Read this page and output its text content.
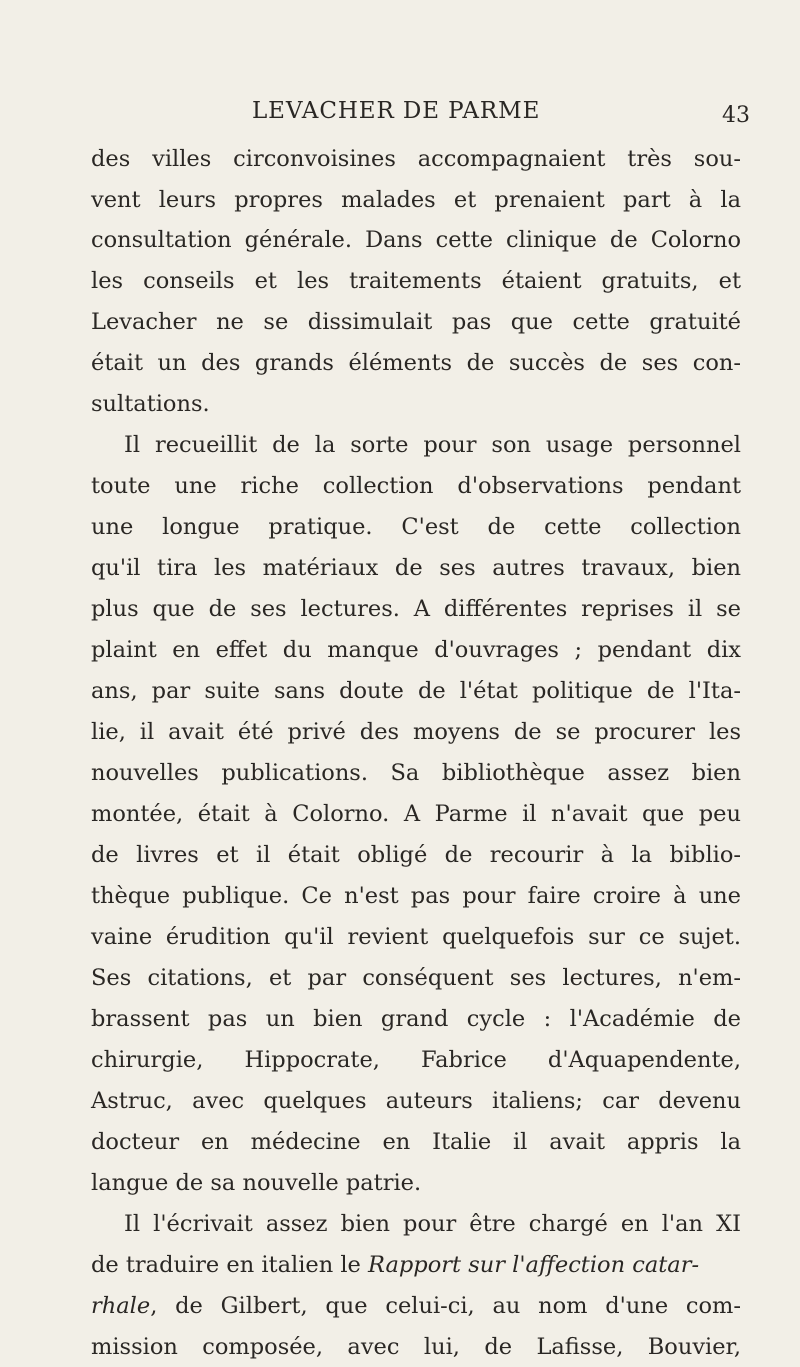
LEVACHER DE PARME	43
des villes circonvoisines accompagnaient très sou-
vent leurs propres malades et prenaient part à la
consultation générale. Dans cette clinique de Colorno
les conseils et les traitements étaient gratuits, et
Levacher ne se dissimulait pas que cette gratuité
était un des grands éléments de succès de ses con-
sultations.
Il recueillit de la sorte pour son usage personnel
toute une riche collection d'observations pendant
une longue pratique. C'est de cette collection
qu'il tira les matériaux de ses autres travaux, bien
plus que de ses lectures. A différentes reprises il se
plaint en effet du manque d'ouvrages ; pendant dix
ans, par suite sans doute de l'état politique de l'Ita-
lie, il avait été privé des moyens de se procurer les
nouvelles publications. Sa bibliothèque assez bien
montée, était à Colorno. A Parme il n'avait que peu
de livres et il était obligé de recourir à la biblio-
thèque publique. Ce n'est pas pour faire croire à une
vaine érudition qu'il revient quelquefois sur ce sujet.
Ses citations, et par conséquent ses lectures, n'em-
brassent pas un bien grand cycle : l'Académie de
chirurgie, Hippocrate, Fabrice d'Aquapendente,
Astruc, avec quelques auteurs italiens; car devenu
docteur en médecine en Italie il avait appris la
langue de sa nouvelle patrie.
Il l'écrivait assez bien pour être chargé en l'an XI
de traduire en italien le Rapport sur l'affection catar-
rhale, de Gilbert, que celui-ci, au nom d'une com-
mission composée, avec lui, de Lafisse, Bouvier,
